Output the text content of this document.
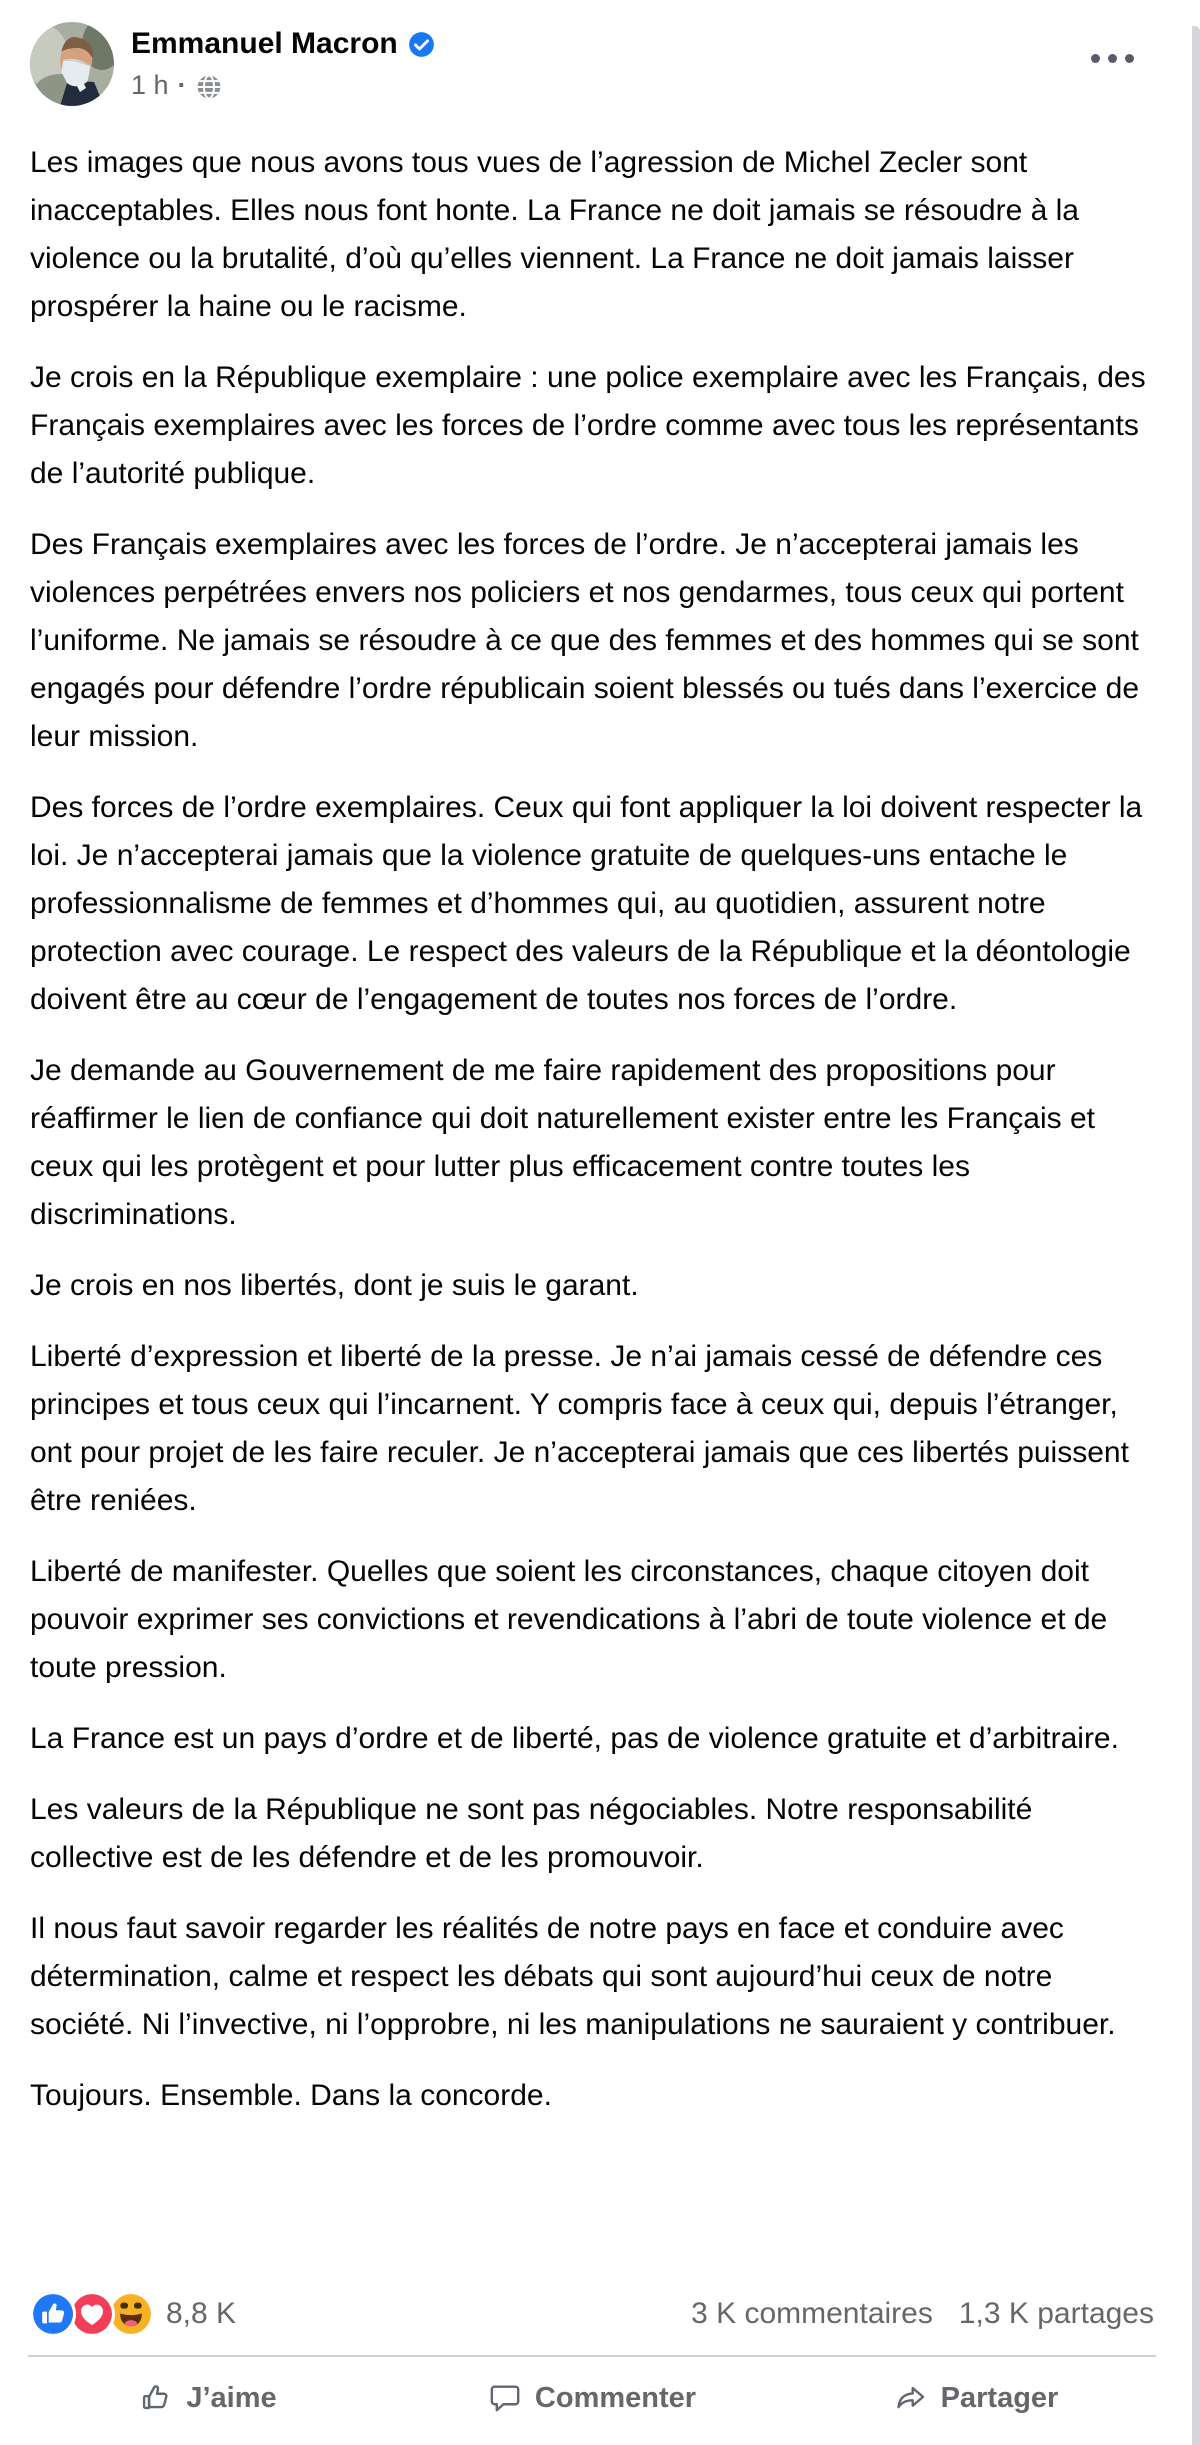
Emmanuel Macron
1 h ·

Les images que nous avons tous vues de l’agression de Michel Zecler sont inacceptables. Elles nous font honte. La France ne doit jamais se résoudre à la violence ou la brutalité, d’où qu’elles viennent. La France ne doit jamais laisser prospérer la haine ou le racisme.

Je crois en la République exemplaire : une police exemplaire avec les Français, des Français exemplaires avec les forces de l’ordre comme avec tous les représentants de l’autorité publique.

Des Français exemplaires avec les forces de l’ordre. Je n’accepterai jamais les violences perpétrées envers nos policiers et nos gendarmes, tous ceux qui portent l’uniforme. Ne jamais se résoudre à ce que des femmes et des hommes qui se sont engagés pour défendre l’ordre républicain soient blessés ou tués dans l’exercice de leur mission.

Des forces de l’ordre exemplaires. Ceux qui font appliquer la loi doivent respecter la loi. Je n’accepterai jamais que la violence gratuite de quelques-uns entache le professionnalisme de femmes et d’hommes qui, au quotidien, assurent notre protection avec courage. Le respect des valeurs de la République et la déontologie doivent être au cœur de l’engagement de toutes nos forces de l’ordre.

Je demande au Gouvernement de me faire rapidement des propositions pour réaffirmer le lien de confiance qui doit naturellement exister entre les Français et ceux qui les protègent et pour lutter plus efficacement contre toutes les discriminations.

Je crois en nos libertés, dont je suis le garant.

Liberté d’expression et liberté de la presse. Je n’ai jamais cessé de défendre ces principes et tous ceux qui l’incarnent. Y compris face à ceux qui, depuis l’étranger, ont pour projet de les faire reculer. Je n’accepterai jamais que ces libertés puissent être reniées.

Liberté de manifester. Quelles que soient les circonstances, chaque citoyen doit pouvoir exprimer ses convictions et revendications à l’abri de toute violence et de toute pression.

La France est un pays d’ordre et de liberté, pas de violence gratuite et d’arbitraire.

Les valeurs de la République ne sont pas négociables. Notre responsabilité collective est de les défendre et de les promouvoir.

Il nous faut savoir regarder les réalités de notre pays en face et conduire avec détermination, calme et respect les débats qui sont aujourd’hui ceux de notre société. Ni l’invective, ni l’opprobre, ni les manipulations ne sauraient y contribuer.

Toujours. Ensemble. Dans la concorde.

8,8 K	3 K commentaires 1,3 K partages
J’aime	Commenter	Partager
